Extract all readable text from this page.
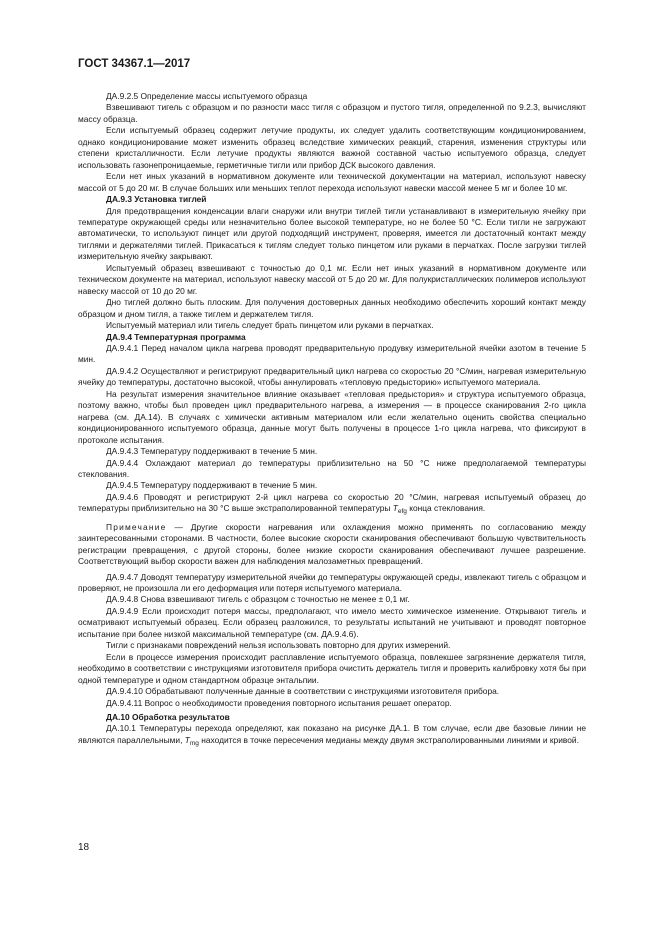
ГОСТ 34367.1—2017

ДА.9.2.5 Определение массы испытуемого образца

Взвешивают тигель с образцом и по разности масс тигля с образцом и пустого тигля, определенной по 9.2.3, вычисляют массу образца.

Если испытуемый образец содержит летучие продукты, их следует удалить соответствующим кондиционированием, однако кондиционирование может изменить образец вследствие химических реакций, старения, изменения структуры или степени кристалличности. Если летучие продукты являются важной составной частью испытуемого образца, следует использовать газонепроницаемые, герметичные тигли или прибор ДСК высокого давления.

Если нет иных указаний в нормативном документе или технической документации на материал, используют навеску массой от 5 до 20 мг. В случае больших или меньших теплот перехода используют навески массой менее 5 мг и более 10 мг.

ДА.9.3 Установка тиглей

Для предотвращения конденсации влаги снаружи или внутри тиглей тигли устанавливают в измерительную ячейку при температуре окружающей среды или незначительно более высокой температуре, но не более 50 °С. Если тигли не загружают автоматически, то используют пинцет или другой подходящий инструмент, проверяя, имеется ли достаточный контакт между тиглями и держателями тиглей. Прикасаться к тиглям следует только пинцетом или руками в перчатках. После загрузки тиглей измерительную ячейку закрывают.

Испытуемый образец взвешивают с точностью до 0,1 мг. Если нет иных указаний в нормативном документе или техническом документе на материал, используют навеску массой от 5 до 20 мг. Для полукристаллических полимеров используют навеску массой от 10 до 20 мг.

Дно тиглей должно быть плоским. Для получения достоверных данных необходимо обеспечить хороший контакт между образцом и дном тигля, а также тиглем и держателем тигля.

Испытуемый материал или тигель следует брать пинцетом или руками в перчатках.

ДА.9.4 Температурная программа

ДА.9.4.1 Перед началом цикла нагрева проводят предварительную продувку измерительной ячейки азотом в течение 5 мин.

ДА.9.4.2 Осуществляют и регистрируют предварительный цикл нагрева со скоростью 20 °С/мин, нагревая измерительную ячейку до температуры, достаточно высокой, чтобы аннулировать «тепловую предысторию» испытуемого материала.

На результат измерения значительное влияние оказывает «тепловая предыстория» и структура испытуемого образца, поэтому важно, чтобы был проведен цикл предварительного нагрева, а измерения — в процессе сканирования 2-го цикла нагрева (см. ДА.14). В случаях с химически активным материалом или если желательно оценить свойства специально кондиционированного испытуемого образца, данные могут быть получены в процессе 1-го цикла нагрева, что фиксируют в протоколе испытания.

ДА.9.4.3 Температуру поддерживают в течение 5 мин.

ДА.9.4.4 Охлаждают материал до температуры приблизительно на 50 °С ниже предполагаемой температуры стеклования.

ДА.9.4.5 Температуру поддерживают в течение 5 мин.

ДА.9.4.6 Проводят и регистрируют 2-й цикл нагрева со скоростью 20 °С/мин, нагревая испытуемый образец до температуры приблизительно на 30 °С выше экстраполированной температуры $T_{efg}$ конца стеклования.

Примечание — Другие скорости нагревания или охлаждения можно применять по согласованию между заинтересованными сторонами. В частности, более высокие скорости сканирования обеспечивают большую чувствительность регистрации превращения, с другой стороны, более низкие скорости сканирования обеспечивают лучшее разрешение. Соответствующий выбор скорости важен для наблюдения малозаметных превращений.

ДА.9.4.7 Доводят температуру измерительной ячейки до температуры окружающей среды, извлекают тигель с образцом и проверяют, не произошла ли его деформация или потеря испытуемого материала.

ДА.9.4.8 Снова взвешивают тигель с образцом с точностью не менее ± 0,1 мг.

ДА.9.4.9 Если происходит потеря массы, предполагают, что имело место химическое изменение. Открывают тигель и осматривают испытуемый образец. Если образец разложился, то результаты испытаний не учитывают и проводят повторное испытание при более низкой максимальной температуре (см. ДА.9.4.6).

Тигли с признаками повреждений нельзя использовать повторно для других измерений.

Если в процессе измерения происходит расплавление испытуемого образца, повлекшее загрязнение держателя тигля, необходимо в соответствии с инструкциями изготовителя прибора очистить держатель тигля и проверить калибровку хотя бы при одной температуре и одном стандартном образце энтальпии.

ДА.9.4.10 Обрабатывают полученные данные в соответствии с инструкциями изготовителя прибора.

ДА.9.4.11 Вопрос о необходимости проведения повторного испытания решает оператор.

ДА.10 Обработка результатов

ДА.10.1 Температуры перехода определяют, как показано на рисунке ДА.1. В том случае, если две базовые линии не являются параллельными, $T_{mg}$ находится в точке пересечения медианы между двумя экстраполированными линиями и кривой.

18
